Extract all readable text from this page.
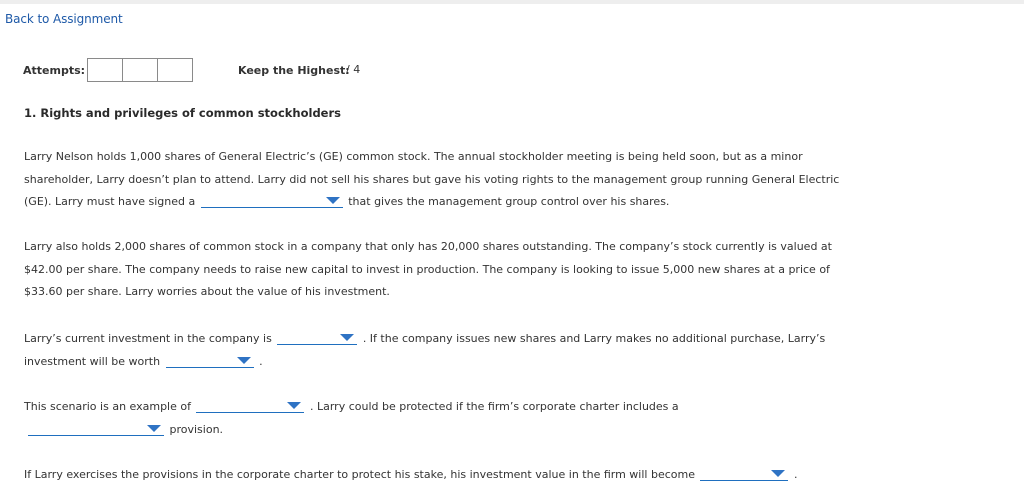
Back to Assignment
Attempts:	Keep the Highest:
/ 4
1. Rights and privileges of common stockholders
Larry Nelson holds 1,000 shares of General Electric’s (GE) common stock. The annual stockholder meeting is being held soon, but as a minor
shareholder, Larry doesn’t plan to attend. Larry did not sell his shares but gave his voting rights to the management group running General Electric
(GE). Larry must have signed a	that gives the management group control over his shares.
Larry also holds 2,000 shares of common stock in a company that only has 20,000 shares outstanding. The company’s stock currently is valued at
$42.00 per share. The company needs to raise new capital to invest in production. The company is looking to issue 5,000 new shares at a price of
$33.60 per share. Larry worries about the value of his investment.
Larry’s current investment in the company is	. If the company issues new shares and Larry makes no additional purchase, Larry’s
investment will be worth	.
This scenario is an example of	. Larry could be protected if the firm’s corporate charter includes a
provision.
If Larry exercises the provisions in the corporate charter to protect his stake, his investment value in the firm will become	.
